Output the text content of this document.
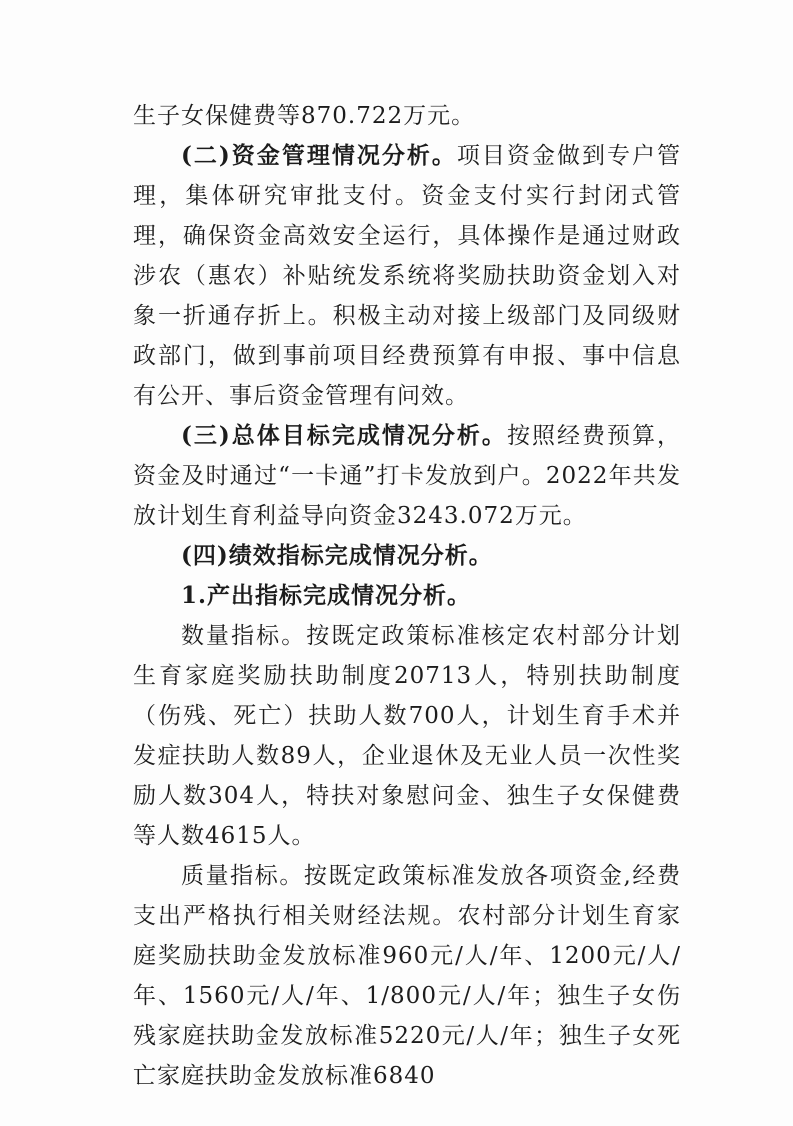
生子女保健费等870.722万元。

(二)资金管理情况分析。项目资金做到专户管理，集体研究审批支付。资金支付实行封闭式管理，确保资金高效安全运行，具体操作是通过财政涉农（惠农）补贴统发系统将奖励扶助资金划入对象一折通存折上。积极主动对接上级部门及同级财政部门，做到事前项目经费预算有申报、事中信息有公开、事后资金管理有问效。

(三)总体目标完成情况分析。按照经费预算，资金及时通过“一卡通”打卡发放到户。2022年共发放计划生育利益导向资金3243.072万元。

(四)绩效指标完成情况分析。

1.产出指标完成情况分析。

数量指标。按既定政策标准核定农村部分计划生育家庭奖励扶助制度20713人，特别扶助制度（伤残、死亡）扶助人数700人，计划生育手术并发症扶助人数89人，企业退休及无业人员一次性奖励人数304人，特扶对象慰问金、独生子女保健费等人数4615人。

质量指标。按既定政策标准发放各项资金,经费支出严格执行相关财经法规。农村部分计划生育家庭奖励扶助金发放标准960元/人/年、1200元/人/年、1560元/人/年、1/800元/人/年；独生子女伤残家庭扶助金发放标准5220元/人/年；独生子女死亡家庭扶助金发放标准6840
